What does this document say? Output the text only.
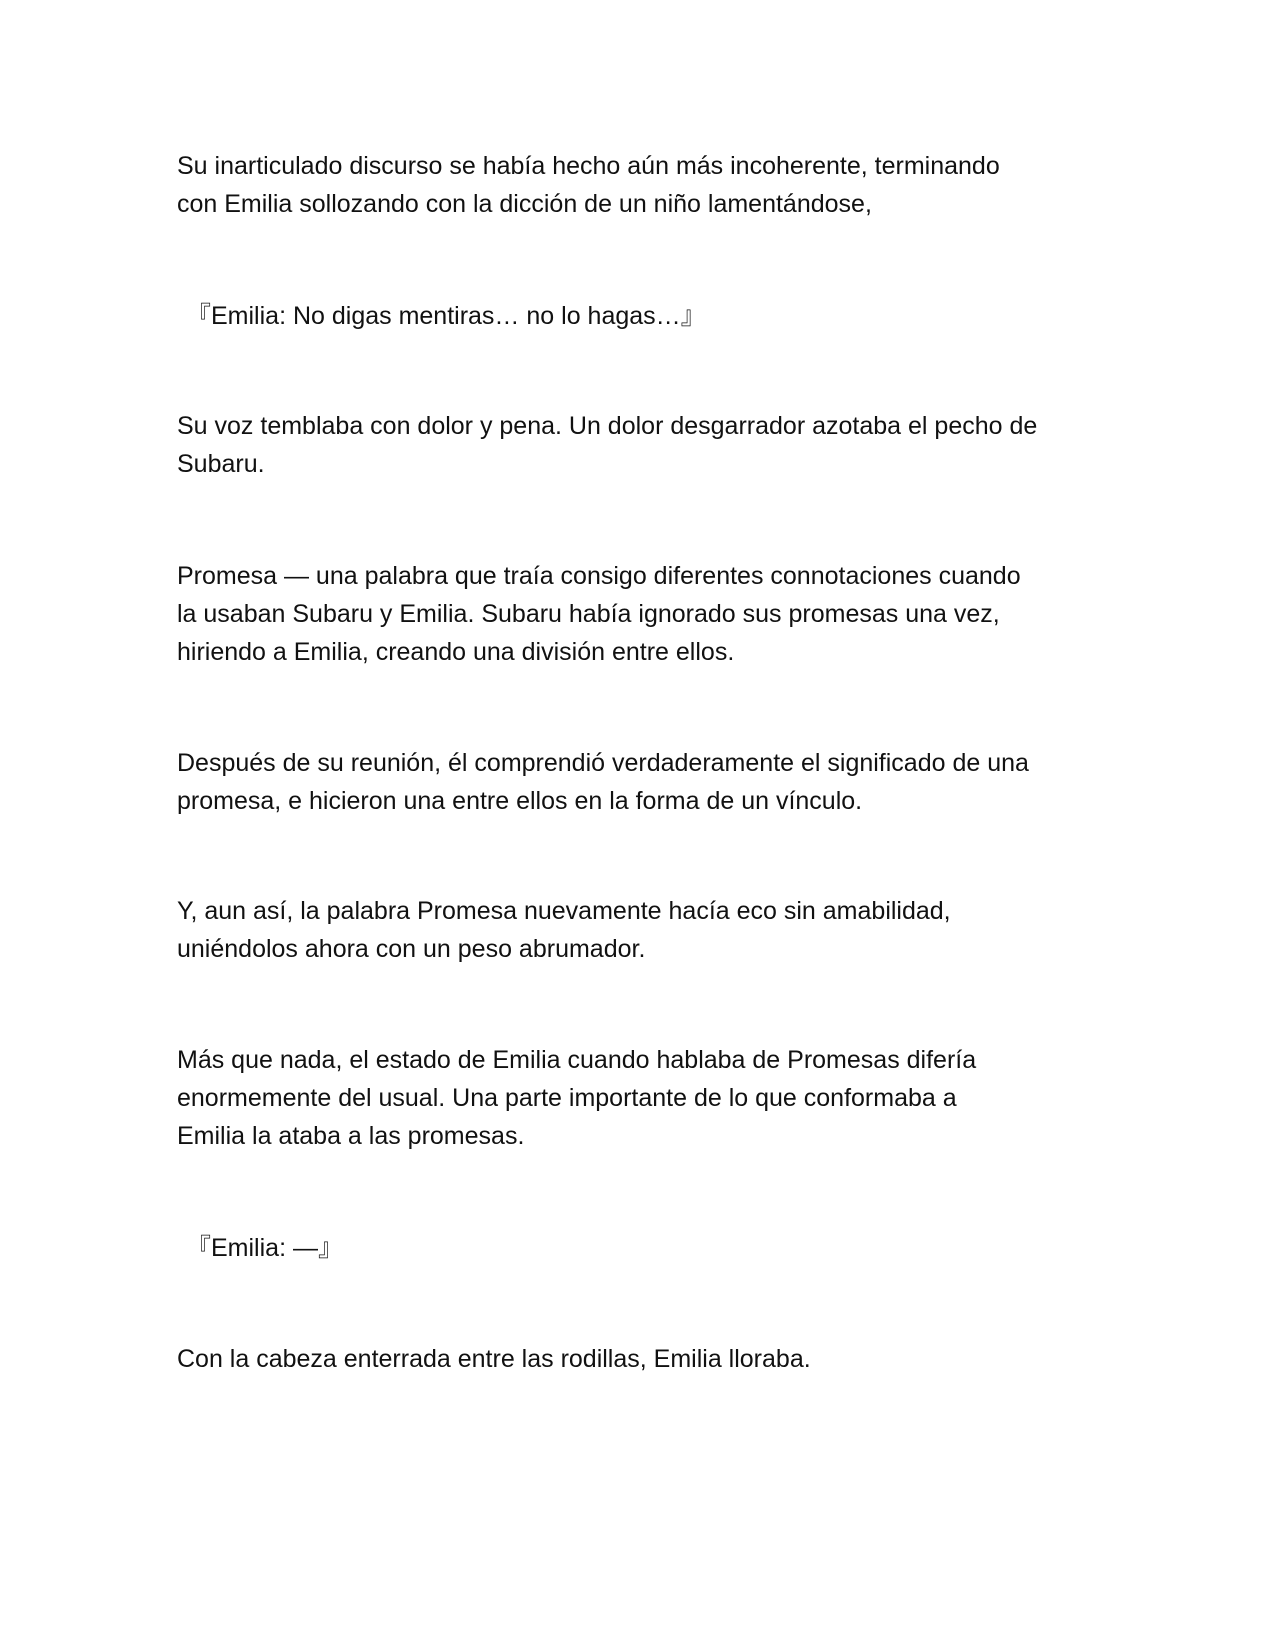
Su inarticulado discurso se había hecho aún más incoherente, terminando
con Emilia sollozando con la dicción de un niño lamentándose,

『Emilia: No digas mentiras… no lo hagas…』

Su voz temblaba con dolor y pena. Un dolor desgarrador azotaba el pecho de
Subaru.

Promesa — una palabra que traía consigo diferentes connotaciones cuando
la usaban Subaru y Emilia. Subaru había ignorado sus promesas una vez,
hiriendo a Emilia, creando una división entre ellos.

Después de su reunión, él comprendió verdaderamente el significado de una
promesa, e hicieron una entre ellos en la forma de un vínculo.

Y, aun así, la palabra Promesa nuevamente hacía eco sin amabilidad,
uniéndolos ahora con un peso abrumador.

Más que nada, el estado de Emilia cuando hablaba de Promesas difería
enormemente del usual. Una parte importante de lo que conformaba a
Emilia la ataba a las promesas.

『Emilia: —』

Con la cabeza enterrada entre las rodillas, Emilia lloraba.
